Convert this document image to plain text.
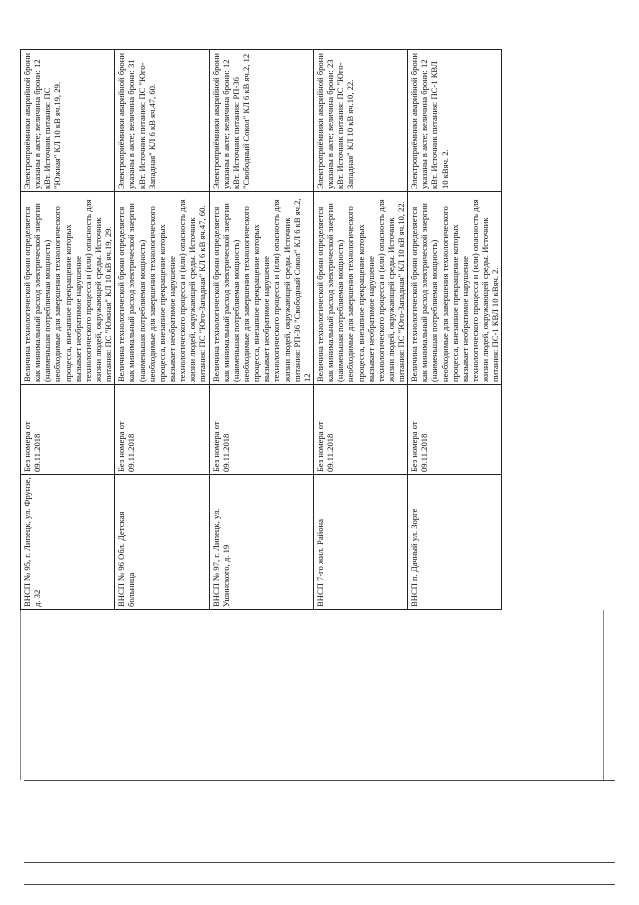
ВНСП № 95, г. Липецк, ул. Фрунзе, д. 32	Без номера от 09.11.2018	Величина технологической брони определяется как минимальный расход электрической энергии (наименьшая потребляемая мощность) необходимые для завершения технологического процесса, внезапное прекращение которых вызывает необратимое нарушение технологического процесса и (или) опасность для жизни людей, окружающей среды. Источник питания: ПС "Южная" КЛ 10 кВ яч.19, 29.	Электроприёмники аварийной брони указаны в акте; величина брони: 12 кВт. Источник питания: ПС "Южная" КЛ 10 кВ яч.19, 29.
ВНСП № 96 Обл. Детская больница	Без номера от 09.11.2018	Величина технологической брони определяется как минимальный расход электрической энергии (наименьшая потребляемая мощность) необходимые для завершения технологического процесса, внезапное прекращение которых вызывает необратимое нарушение технологического процесса и (или) опасность для жизни людей, окружающей среды. Источник питания: ПС "Юго-Западная" КЛ 6 кВ яч.47, 60.	Электроприёмники аварийной брони указаны в акте; величина брони: 31 кВт. Источник питания: ПС "Юго-Западная" КЛ 6 кВ яч.47, 60.
ВНСП № 97, г. Липецк, ул. Ушинского, д. 19	Без номера от 09.11.2018	Величина технологической брони определяется как минимальный расход электрической энергии (наименьшая потребляемая мощность) необходимые для завершения технологического процесса, внезапное прекращение которых вызывает необратимое нарушение технологического процесса и (или) опасность для жизни людей, окружающей среды. Источник питания: РП-36 "Свободный Сокол" КЛ 6 кВ яч.2, 12	Электроприёмники аварийной брони указаны в акте; величина брони: 12 кВт. Источник питания: РП-36 "Свободный Сокол" КЛ 6 кВ яч.2, 12
ВНСП 7-го жил. Района	Без номера от 09.11.2018	Величина технологической брони определяется как минимальный расход электрической энергии (наименьшая потребляемая мощность) необходимые для завершения технологического процесса, внезапное прекращение которых вызывает необратимое нарушение технологического процесса и (или) опасность для жизни людей, окружающей среды. Источник питания: ПС "Юго-Западная" КЛ 10 кВ яч.10, 22.	Электроприёмники аварийной брони указаны в акте; величина брони: 23 кВт. Источник питания: ПС "Юго-Западная" КЛ 10 кВ яч.10, 22.
ВНСП п. Дачный ул. Зорге	Без номера от 09.11.2018	Величина технологической брони определяется как минимальный расход электрической энергии (наименьшая потребляемая мощность) необходимые для завершения технологического процесса, внезапное прекращение которых вызывает необратимое нарушение технологического процесса и (или) опасность для жизни людей, окружающей среды. Источник питания: ПС-1 КВЛ 10 кВяч. 2.	Электроприёмники аварийной брони указаны в акте; величина брони: 12 кВт. Источник питания: ПС-1 КВЛ 10 кВяч. 2.
